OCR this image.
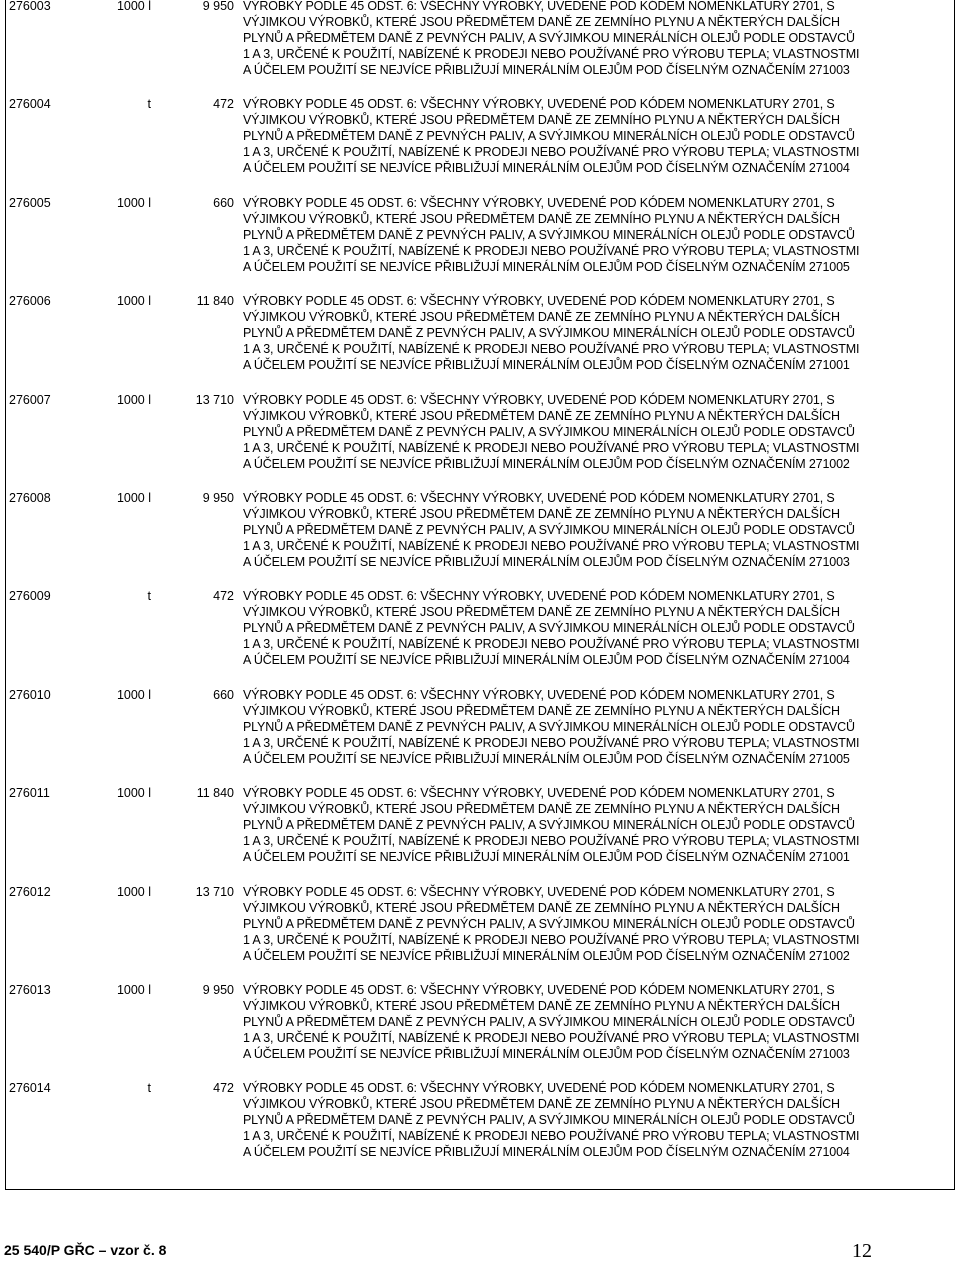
276003	1000 l	9 950 VÝROBKY PODLE 45 ODST. 6: VŠECHNY VÝROBKY, UVEDENÉ POD KÓDEM NOMENKLATURY 2701, S
VÝJIMKOU VÝROBKŮ, KTERÉ JSOU PŘEDMĚTEM DANĚ ZE ZEMNÍHO PLYNU A NĚKTERÝCH DALŠÍCH
PLYNŮ A PŘEDMĚTEM DANĚ Z PEVNÝCH PALIV, A SVÝJIMKOU MINERÁLNÍCH OLEJŮ PODLE ODSTAVCŮ
1 A 3, URČENÉ K POUŽITÍ, NABÍZENÉ K PRODEJI NEBO POUŽÍVANÉ PRO VÝROBU TEPLA; VLASTNOSTMI
A ÚČELEM POUŽITÍ SE NEJVÍCE PŘIBLIŽUJÍ MINERÁLNÍM OLEJŮM POD ČÍSELNÝM OZNAČENÍM 271003
276004	t	472 VÝROBKY PODLE 45 ODST. 6: VŠECHNY VÝROBKY, UVEDENÉ POD KÓDEM NOMENKLATURY 2701, S
VÝJIMKOU VÝROBKŮ, KTERÉ JSOU PŘEDMĚTEM DANĚ ZE ZEMNÍHO PLYNU A NĚKTERÝCH DALŠÍCH
PLYNŮ A PŘEDMĚTEM DANĚ Z PEVNÝCH PALIV, A SVÝJIMKOU MINERÁLNÍCH OLEJŮ PODLE ODSTAVCŮ
1 A 3, URČENÉ K POUŽITÍ, NABÍZENÉ K PRODEJI NEBO POUŽÍVANÉ PRO VÝROBU TEPLA; VLASTNOSTMI
A ÚČELEM POUŽITÍ SE NEJVÍCE PŘIBLIŽUJÍ MINERÁLNÍM OLEJŮM POD ČÍSELNÝM OZNAČENÍM 271004
276005	1000 l	660 VÝROBKY PODLE 45 ODST. 6: VŠECHNY VÝROBKY, UVEDENÉ POD KÓDEM NOMENKLATURY 2701, S
VÝJIMKOU VÝROBKŮ, KTERÉ JSOU PŘEDMĚTEM DANĚ ZE ZEMNÍHO PLYNU A NĚKTERÝCH DALŠÍCH
PLYNŮ A PŘEDMĚTEM DANĚ Z PEVNÝCH PALIV, A SVÝJIMKOU MINERÁLNÍCH OLEJŮ PODLE ODSTAVCŮ
1 A 3, URČENÉ K POUŽITÍ, NABÍZENÉ K PRODEJI NEBO POUŽÍVANÉ PRO VÝROBU TEPLA; VLASTNOSTMI
A ÚČELEM POUŽITÍ SE NEJVÍCE PŘIBLIŽUJÍ MINERÁLNÍM OLEJŮM POD ČÍSELNÝM OZNAČENÍM 271005
276006	1000 l	11 840 VÝROBKY PODLE 45 ODST. 6: VŠECHNY VÝROBKY, UVEDENÉ POD KÓDEM NOMENKLATURY 2701, S
VÝJIMKOU VÝROBKŮ, KTERÉ JSOU PŘEDMĚTEM DANĚ ZE ZEMNÍHO PLYNU A NĚKTERÝCH DALŠÍCH
PLYNŮ A PŘEDMĚTEM DANĚ Z PEVNÝCH PALIV, A SVÝJIMKOU MINERÁLNÍCH OLEJŮ PODLE ODSTAVCŮ
1 A 3, URČENÉ K POUŽITÍ, NABÍZENÉ K PRODEJI NEBO POUŽÍVANÉ PRO VÝROBU TEPLA; VLASTNOSTMI
A ÚČELEM POUŽITÍ SE NEJVÍCE PŘIBLIŽUJÍ MINERÁLNÍM OLEJŮM POD ČÍSELNÝM OZNAČENÍM 271001
276007	1000 l	13 710 VÝROBKY PODLE 45 ODST. 6: VŠECHNY VÝROBKY, UVEDENÉ POD KÓDEM NOMENKLATURY 2701, S
VÝJIMKOU VÝROBKŮ, KTERÉ JSOU PŘEDMĚTEM DANĚ ZE ZEMNÍHO PLYNU A NĚKTERÝCH DALŠÍCH
PLYNŮ A PŘEDMĚTEM DANĚ Z PEVNÝCH PALIV, A SVÝJIMKOU MINERÁLNÍCH OLEJŮ PODLE ODSTAVCŮ
1 A 3, URČENÉ K POUŽITÍ, NABÍZENÉ K PRODEJI NEBO POUŽÍVANÉ PRO VÝROBU TEPLA; VLASTNOSTMI
A ÚČELEM POUŽITÍ SE NEJVÍCE PŘIBLIŽUJÍ MINERÁLNÍM OLEJŮM POD ČÍSELNÝM OZNAČENÍM 271002
276008	1000 l	9 950 VÝROBKY PODLE 45 ODST. 6: VŠECHNY VÝROBKY, UVEDENÉ POD KÓDEM NOMENKLATURY 2701, S
VÝJIMKOU VÝROBKŮ, KTERÉ JSOU PŘEDMĚTEM DANĚ ZE ZEMNÍHO PLYNU A NĚKTERÝCH DALŠÍCH
PLYNŮ A PŘEDMĚTEM DANĚ Z PEVNÝCH PALIV, A SVÝJIMKOU MINERÁLNÍCH OLEJŮ PODLE ODSTAVCŮ
1 A 3, URČENÉ K POUŽITÍ, NABÍZENÉ K PRODEJI NEBO POUŽÍVANÉ PRO VÝROBU TEPLA; VLASTNOSTMI
A ÚČELEM POUŽITÍ SE NEJVÍCE PŘIBLIŽUJÍ MINERÁLNÍM OLEJŮM POD ČÍSELNÝM OZNAČENÍM 271003
276009	t	472 VÝROBKY PODLE 45 ODST. 6: VŠECHNY VÝROBKY, UVEDENÉ POD KÓDEM NOMENKLATURY 2701, S
VÝJIMKOU VÝROBKŮ, KTERÉ JSOU PŘEDMĚTEM DANĚ ZE ZEMNÍHO PLYNU A NĚKTERÝCH DALŠÍCH
PLYNŮ A PŘEDMĚTEM DANĚ Z PEVNÝCH PALIV, A SVÝJIMKOU MINERÁLNÍCH OLEJŮ PODLE ODSTAVCŮ
1 A 3, URČENÉ K POUŽITÍ, NABÍZENÉ K PRODEJI NEBO POUŽÍVANÉ PRO VÝROBU TEPLA; VLASTNOSTMI
A ÚČELEM POUŽITÍ SE NEJVÍCE PŘIBLIŽUJÍ MINERÁLNÍM OLEJŮM POD ČÍSELNÝM OZNAČENÍM 271004
276010	1000 l	660 VÝROBKY PODLE 45 ODST. 6: VŠECHNY VÝROBKY, UVEDENÉ POD KÓDEM NOMENKLATURY 2701, S
VÝJIMKOU VÝROBKŮ, KTERÉ JSOU PŘEDMĚTEM DANĚ ZE ZEMNÍHO PLYNU A NĚKTERÝCH DALŠÍCH
PLYNŮ A PŘEDMĚTEM DANĚ Z PEVNÝCH PALIV, A SVÝJIMKOU MINERÁLNÍCH OLEJŮ PODLE ODSTAVCŮ
1 A 3, URČENÉ K POUŽITÍ, NABÍZENÉ K PRODEJI NEBO POUŽÍVANÉ PRO VÝROBU TEPLA; VLASTNOSTMI
A ÚČELEM POUŽITÍ SE NEJVÍCE PŘIBLIŽUJÍ MINERÁLNÍM OLEJŮM POD ČÍSELNÝM OZNAČENÍM 271005
276011	1000 l	11 840 VÝROBKY PODLE 45 ODST. 6: VŠECHNY VÝROBKY, UVEDENÉ POD KÓDEM NOMENKLATURY 2701, S
VÝJIMKOU VÝROBKŮ, KTERÉ JSOU PŘEDMĚTEM DANĚ ZE ZEMNÍHO PLYNU A NĚKTERÝCH DALŠÍCH
PLYNŮ A PŘEDMĚTEM DANĚ Z PEVNÝCH PALIV, A SVÝJIMKOU MINERÁLNÍCH OLEJŮ PODLE ODSTAVCŮ
1 A 3, URČENÉ K POUŽITÍ, NABÍZENÉ K PRODEJI NEBO POUŽÍVANÉ PRO VÝROBU TEPLA; VLASTNOSTMI
A ÚČELEM POUŽITÍ SE NEJVÍCE PŘIBLIŽUJÍ MINERÁLNÍM OLEJŮM POD ČÍSELNÝM OZNAČENÍM 271001
276012	1000 l	13 710 VÝROBKY PODLE 45 ODST. 6: VŠECHNY VÝROBKY, UVEDENÉ POD KÓDEM NOMENKLATURY 2701, S
VÝJIMKOU VÝROBKŮ, KTERÉ JSOU PŘEDMĚTEM DANĚ ZE ZEMNÍHO PLYNU A NĚKTERÝCH DALŠÍCH
PLYNŮ A PŘEDMĚTEM DANĚ Z PEVNÝCH PALIV, A SVÝJIMKOU MINERÁLNÍCH OLEJŮ PODLE ODSTAVCŮ
1 A 3, URČENÉ K POUŽITÍ, NABÍZENÉ K PRODEJI NEBO POUŽÍVANÉ PRO VÝROBU TEPLA; VLASTNOSTMI
A ÚČELEM POUŽITÍ SE NEJVÍCE PŘIBLIŽUJÍ MINERÁLNÍM OLEJŮM POD ČÍSELNÝM OZNAČENÍM 271002
276013	1000 l	9 950 VÝROBKY PODLE 45 ODST. 6: VŠECHNY VÝROBKY, UVEDENÉ POD KÓDEM NOMENKLATURY 2701, S
VÝJIMKOU VÝROBKŮ, KTERÉ JSOU PŘEDMĚTEM DANĚ ZE ZEMNÍHO PLYNU A NĚKTERÝCH DALŠÍCH
PLYNŮ A PŘEDMĚTEM DANĚ Z PEVNÝCH PALIV, A SVÝJIMKOU MINERÁLNÍCH OLEJŮ PODLE ODSTAVCŮ
1 A 3, URČENÉ K POUŽITÍ, NABÍZENÉ K PRODEJI NEBO POUŽÍVANÉ PRO VÝROBU TEPLA; VLASTNOSTMI
A ÚČELEM POUŽITÍ SE NEJVÍCE PŘIBLIŽUJÍ MINERÁLNÍM OLEJŮM POD ČÍSELNÝM OZNAČENÍM 271003
276014	t	472 VÝROBKY PODLE 45 ODST. 6: VŠECHNY VÝROBKY, UVEDENÉ POD KÓDEM NOMENKLATURY 2701, S
VÝJIMKOU VÝROBKŮ, KTERÉ JSOU PŘEDMĚTEM DANĚ ZE ZEMNÍHO PLYNU A NĚKTERÝCH DALŠÍCH
PLYNŮ A PŘEDMĚTEM DANĚ Z PEVNÝCH PALIV, A SVÝJIMKOU MINERÁLNÍCH OLEJŮ PODLE ODSTAVCŮ
1 A 3, URČENÉ K POUŽITÍ, NABÍZENÉ K PRODEJI NEBO POUŽÍVANÉ PRO VÝROBU TEPLA; VLASTNOSTMI
A ÚČELEM POUŽITÍ SE NEJVÍCE PŘIBLIŽUJÍ MINERÁLNÍM OLEJŮM POD ČÍSELNÝM OZNAČENÍM 271004
25 540/P GŘC – vzor č. 8	12
